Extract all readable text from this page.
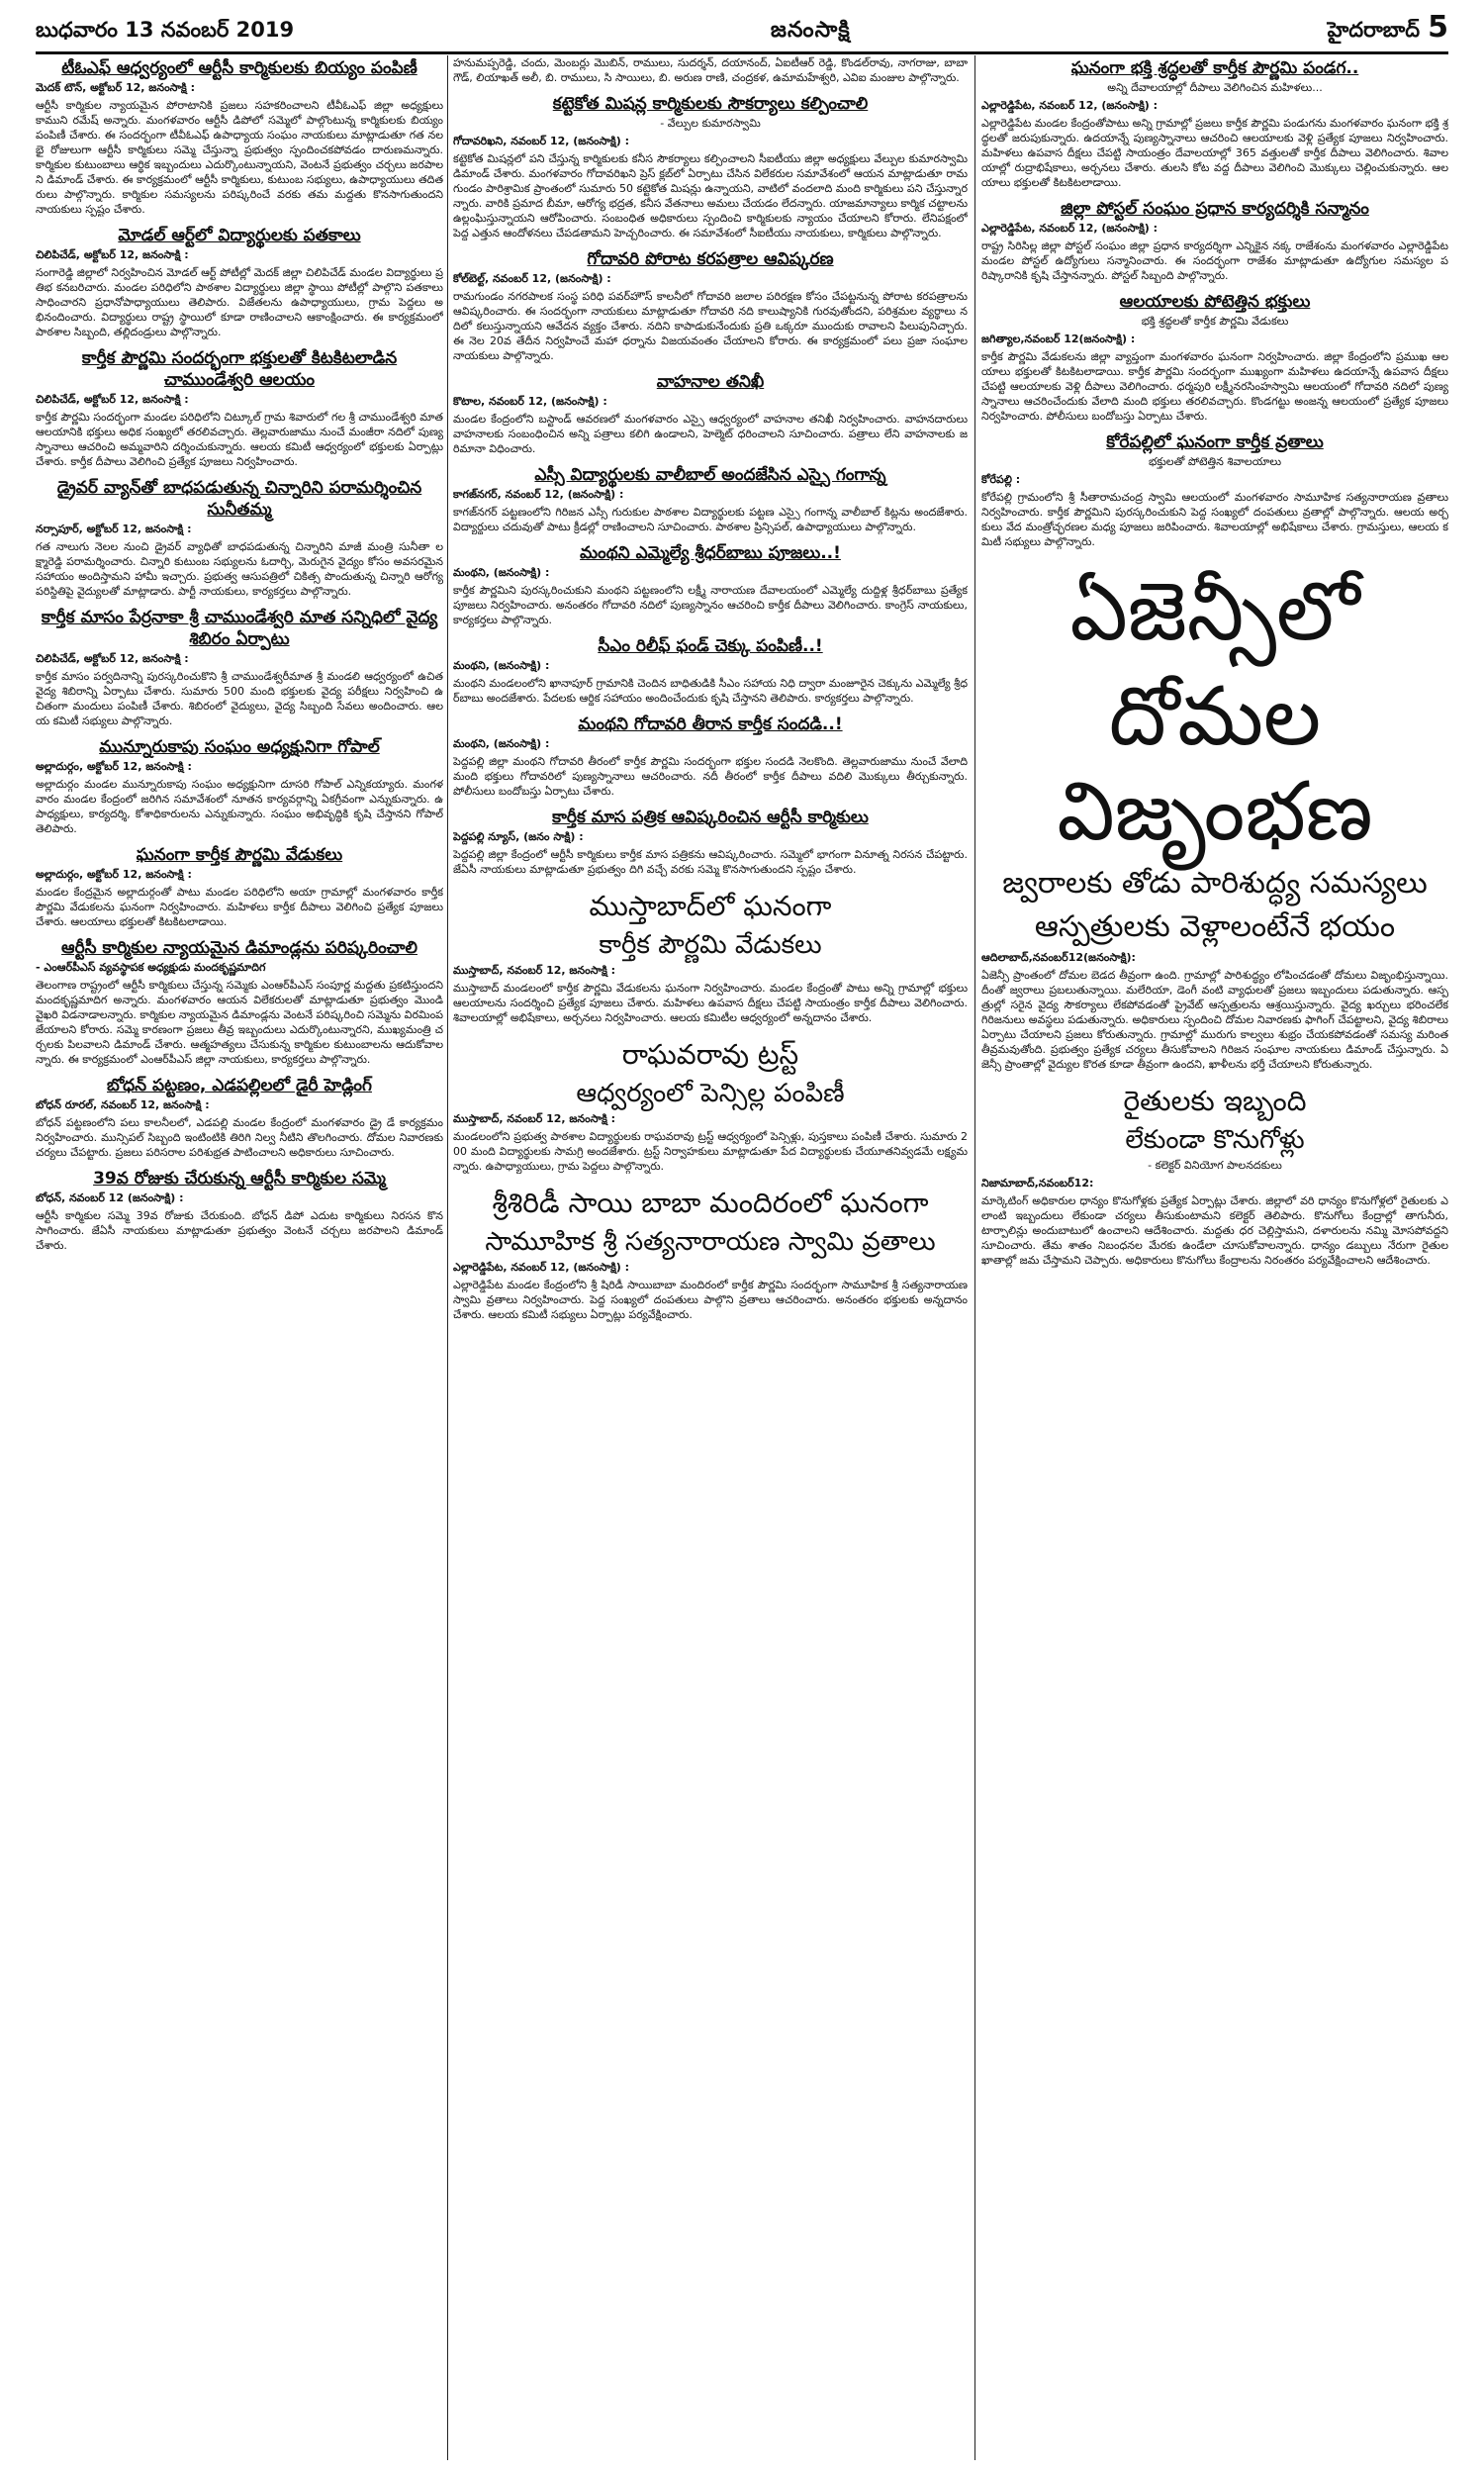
బుధవారం 13 నవంబర్ 2019	జనంసాక్షి	హైదరాబాద్ 5
టీఓఎఫ్ ఆధ్వర్యంలో ఆర్టీసీ కార్మికులకు బియ్యం పంపిణీ
మెదక్ టౌన్, అక్టోబర్ 12, జనంసాక్షి :

ఆర్టీసీ కార్మికుల న్యాయమైన పోరాటానికి ప్రజలు సహకరించాలని టీవీఓఎఫ్ జిల్లా అధ్యక్షులు కాముని రమేష్ అన్నారు. మంగళవారం ఆర్టీసీ డిపోలో సమ్మెలో పాల్గొంటున్న కార్మికులకు బియ్యం పంపిణీ చేశారు. ఈ సందర్భంగా టీవీఓఎఫ్ ఉపాధ్యాయ సంఘం నాయకులు మాట్లాడుతూ గత నలభై రోజులుగా ఆర్టీసీ కార్మికులు సమ్మె చేస్తున్నా ప్రభుత్వం స్పందించకపోవడం దారుణమన్నారు. కార్మికుల కుటుంబాలు ఆర్థిక ఇబ్బందులు ఎదుర్కొంటున్నాయని, వెంటనే ప్రభుత్వం చర్చలు జరపాలని డిమాండ్ చేశారు. ఈ కార్యక్రమంలో ఆర్టీసీ కార్మికులు, కుటుంబ సభ్యులు, ఉపాధ్యాయులు తదితరులు పాల్గొన్నారు. కార్మికుల సమస్యలను పరిష్కరించే వరకు తమ మద్దతు కొనసాగుతుందని నాయకులు స్పష్టం చేశారు.

మోడల్ ఆర్ట్‌లో విద్యార్థులకు పతకాలు
చిలిపిచేడ్, అక్టోబర్ 12, జనంసాక్షి :

సంగారెడ్డి జిల్లాలో నిర్వహించిన మోడల్ ఆర్ట్ పోటీల్లో మెదక్ జిల్లా చిలిపిచేడ్ మండల విద్యార్థులు ప్రతిభ కనబరిచారు. మండల పరిధిలోని పాఠశాల విద్యార్థులు జిల్లా స్థాయి పోటీల్లో పాల్గొని పతకాలు సాధించారని ప్రధానోపాధ్యాయులు తెలిపారు. విజేతలను ఉపాధ్యాయులు, గ్రామ పెద్దలు అభినందించారు. విద్యార్థులు రాష్ట్ర స్థాయిలో కూడా రాణించాలని ఆకాంక్షించారు. ఈ కార్యక్రమంలో పాఠశాల సిబ్బంది, తల్లిదండ్రులు పాల్గొన్నారు.

కార్తీక పౌర్ణమి సందర్భంగా భక్తులతో కిటకిటలాడిన చాముండేశ్వరి ఆలయం
చిలిపిచేడ్, అక్టోబర్ 12, జనంసాక్షి :

కార్తీక పౌర్ణమి సందర్భంగా మండల పరిధిలోని చిట్కూల్ గ్రామ శివారులో గల శ్రీ చాముండేశ్వరి మాత ఆలయానికి భక్తులు అధిక సంఖ్యలో తరలివచ్చారు. తెల్లవారుజాము నుంచే మంజీరా నదిలో పుణ్యస్నానాలు ఆచరించి అమ్మవారిని దర్శించుకున్నారు. ఆలయ కమిటీ ఆధ్వర్యంలో భక్తులకు ఏర్పాట్లు చేశారు. కార్తీక దీపాలు వెలిగించి ప్రత్యేక పూజలు నిర్వహించారు.

డ్రైవర్ వ్యాన్‌తో బాధపడుతున్న చిన్నారిని పరామర్శించిన సునీతమ్మ
నర్సాపూర్, అక్టోబర్ 12, జనంసాక్షి :

గత నాలుగు నెలల నుంచి డ్రైవర్ వ్యాధితో బాధపడుతున్న చిన్నారిని మాజీ మంత్రి సునీతా లక్ష్మారెడ్డి పరామర్శించారు. చిన్నారి కుటుంబ సభ్యులను ఓదార్చి, మెరుగైన వైద్యం కోసం అవసరమైన సహాయం అందిస్తామని హామీ ఇచ్చారు. ప్రభుత్వ ఆసుపత్రిలో చికిత్స పొందుతున్న చిన్నారి ఆరోగ్య పరిస్థితిపై వైద్యులతో మాట్లాడారు. పార్టీ నాయకులు, కార్యకర్తలు పాల్గొన్నారు.

కార్తీక మాసం పేర్రనాకా శ్రీ చాముండేశ్వరి మాత సన్నిధిలో వైద్య శిబిరం ఏర్పాటు
చిలిపిచేడ్, అక్టోబర్ 12, జనంసాక్షి :

కార్తీక మాసం పర్వదినాన్ని పురస్కరించుకొని శ్రీ చాముండేశ్వరీమాత శ్రీ మండలి ఆధ్వర్యంలో ఉచిత వైద్య శిబిరాన్ని ఏర్పాటు చేశారు. సుమారు 500 మంది భక్తులకు వైద్య పరీక్షలు నిర్వహించి ఉచితంగా మందులు పంపిణీ చేశారు. శిబిరంలో వైద్యులు, వైద్య సిబ్బంది సేవలు అందించారు. ఆలయ కమిటీ సభ్యులు పాల్గొన్నారు.

మున్నూరుకాపు సంఘం అధ్యక్షునిగా గోపాల్
అల్లాదుర్గం, అక్టోబర్ 12, జనంసాక్షి :

అల్లాదుర్గం మండల మున్నూరుకాపు సంఘం అధ్యక్షునిగా దూసరి గోపాల్ ఎన్నికయ్యారు. మంగళవారం మండల కేంద్రంలో జరిగిన సమావేశంలో నూతన కార్యవర్గాన్ని ఏకగ్రీవంగా ఎన్నుకున్నారు. ఉపాధ్యక్షులు, కార్యదర్శి, కోశాధికారులను ఎన్నుకున్నారు. సంఘం అభివృద్ధికి కృషి చేస్తానని గోపాల్ తెలిపారు.

ఘనంగా కార్తీక పౌర్ణమి వేడుకలు
అల్లాదుర్గం, అక్టోబర్ 12, జనంసాక్షి :

మండల కేంద్రమైన అల్లాదుర్గంతో పాటు మండల పరిధిలోని అయా గ్రామాల్లో మంగళవారం కార్తీక పౌర్ణమి వేడుకలను ఘనంగా నిర్వహించారు. మహిళలు కార్తీక దీపాలు వెలిగించి ప్రత్యేక పూజలు చేశారు. ఆలయాలు భక్తులతో కిటకిటలాడాయి.

ఆర్టీసీ కార్మికుల న్యాయమైన డిమాండ్లను పరిష్కరించాలి
- ఎంఆర్‌పీఎస్ వ్యవస్థాపక అధ్యక్షుడు మందకృష్ణమాదిగ

తెలంగాణ రాష్ట్రంలో ఆర్టీసీ కార్మికులు చేస్తున్న సమ్మెకు ఎంఆర్‌పీఎస్ సంపూర్ణ మద్దతు ప్రకటిస్తుందని మందకృష్ణమాదిగ అన్నారు. మంగళవారం ఆయన విలేకరులతో మాట్లాడుతూ ప్రభుత్వం మొండి వైఖరి విడనాడాలన్నారు. కార్మికుల న్యాయమైన డిమాండ్లను వెంటనే పరిష్కరించి సమ్మెను విరమింపజేయాలని కోరారు. సమ్మె కారణంగా ప్రజలు తీవ్ర ఇబ్బందులు ఎదుర్కొంటున్నారని, ముఖ్యమంత్రి చర్చలకు పిలవాలని డిమాండ్ చేశారు. ఆత్మహత్యలు చేసుకున్న కార్మికుల కుటుంబాలను ఆదుకోవాలన్నారు. ఈ కార్యక్రమంలో ఎంఆర్‌పీఎస్ జిల్లా నాయకులు, కార్యకర్తలు పాల్గొన్నారు.

బోధన్ పట్టణం, ఎడపల్లిలలో డైరీ హెడ్లింగ్
బోధన్ రూరల్, నవంబర్ 12, జనంసాక్షి :

బోధన్ పట్టణంలోని పలు కాలనీలలో, ఎడపల్లి మండల కేంద్రంలో మంగళవారం డ్రై డే కార్యక్రమం నిర్వహించారు. మున్సిపల్ సిబ్బంది ఇంటింటికి తిరిగి నిల్వ నీటిని తొలగించారు. దోమల నివారణకు చర్యలు చేపట్టారు. ప్రజలు పరిసరాల పరిశుభ్రత పాటించాలని అధికారులు సూచించారు.

39వ రోజుకు చేరుకున్న ఆర్టీసీ కార్మికుల సమ్మె
బోధన్, నవంబర్ 12 (జనంసాక్షి) :

ఆర్టీసీ కార్మికుల సమ్మె 39వ రోజుకు చేరుకుంది. బోధన్ డిపో ఎదుట కార్మికులు నిరసన కొనసాగించారు. జేఏసీ నాయకులు మాట్లాడుతూ ప్రభుత్వం వెంటనే చర్చలు జరపాలని డిమాండ్ చేశారు.

హనుమప్పరెడ్డి, చందు, మెంబర్లు మొబిన్, రాములు, సుదర్శన్, దయానంద్, ఏఐటీఆర్ రెడ్డి, కొండల్‌రావు, నాగరాజు, బాబా గౌడ్, లియాఖత్ అలీ, బి. రాములు, సి సాయిలు, బి. అరుణ రాణి, చంద్రకళ, ఉమామహేశ్వరి, ఎవిఐ మంజుల పాల్గొన్నారు.

కట్టెకోత మిషన్ల కార్మికులకు సౌకర్యాలు కల్పించాలి
- వేల్పుల కుమారస్వామి
గోదావరిఖని, నవంబర్ 12, (జనంసాక్షి) :

కట్టెకోత మిషన్లలో పని చేస్తున్న కార్మికులకు కనీస సౌకర్యాలు కల్పించాలని సీఐటీయు జిల్లా అధ్యక్షులు వేల్పుల కుమారస్వామి డిమాండ్ చేశారు. మంగళవారం గోదావరిఖని ప్రెస్ క్లబ్‌లో ఏర్పాటు చేసిన విలేకరుల సమావేశంలో ఆయన మాట్లాడుతూ రామగుండం పారిశ్రామిక ప్రాంతంలో సుమారు 50 కట్టెకోత మిషన్లు ఉన్నాయని, వాటిలో వందలాది మంది కార్మికులు పని చేస్తున్నారన్నారు. వారికి ప్రమాద బీమా, ఆరోగ్య భద్రత, కనీస వేతనాలు అమలు చేయడం లేదన్నారు. యాజమాన్యాలు కార్మిక చట్టాలను ఉల్లంఘిస్తున్నాయని ఆరోపించారు. సంబంధిత అధికారులు స్పందించి కార్మికులకు న్యాయం చేయాలని కోరారు. లేనిపక్షంలో పెద్ద ఎత్తున ఆందోళనలు చేపడతామని హెచ్చరించారు. ఈ సమావేశంలో సీఐటీయు నాయకులు, కార్మికులు పాల్గొన్నారు.

గోదావరి పోరాట కరపత్రాల ఆవిష్కరణ
కోల్‌బెల్ట్, నవంబర్ 12, (జనంసాక్షి) :

రామగుండం నగరపాలక సంస్థ పరిధి పవర్‌హౌస్ కాలనీలో గోదావరి జలాల పరిరక్షణ కోసం చేపట్టనున్న పోరాట కరపత్రాలను ఆవిష్కరించారు. ఈ సందర్భంగా నాయకులు మాట్లాడుతూ గోదావరి నది కాలుష్యానికి గురవుతోందని, పరిశ్రమల వ్యర్థాలు నదిలో కలుస్తున్నాయని ఆవేదన వ్యక్తం చేశారు. నదిని కాపాడుకునేందుకు ప్రతి ఒక్కరూ ముందుకు రావాలని పిలుపునిచ్చారు. ఈ నెల 20వ తేదీన నిర్వహించే మహా ధర్నాను విజయవంతం చేయాలని కోరారు. ఈ కార్యక్రమంలో పలు ప్రజా సంఘాల నాయకులు పాల్గొన్నారు.

వాహనాల తనిఖీ
కొటాల, నవంబర్ 12, (జనంసాక్షి) :

మండల కేంద్రంలోని బస్టాండ్ ఆవరణలో మంగళవారం ఎస్సై ఆధ్వర్యంలో వాహనాల తనిఖీ నిర్వహించారు. వాహనదారులు వాహనాలకు సంబంధించిన అన్ని పత్రాలు కలిగి ఉండాలని, హెల్మెట్ ధరించాలని సూచించారు. పత్రాలు లేని వాహనాలకు జరిమానా విధించారు.

ఎస్సీ విద్యార్థులకు వాలీబాల్ అందజేసిన ఎస్సై గంగాన్న
కాగజ్‌నగర్, నవంబర్ 12, (జనంసాక్షి) :

కాగజ్‌నగర్ పట్టణంలోని గిరిజన ఎస్సీ గురుకుల పాఠశాల విద్యార్థులకు పట్టణ ఎస్సై గంగాన్న వాలీబాల్ కిట్లను అందజేశారు. విద్యార్థులు చదువుతో పాటు క్రీడల్లో రాణించాలని సూచించారు. పాఠశాల ప్రిన్సిపల్, ఉపాధ్యాయులు పాల్గొన్నారు.

మంథని ఎమ్మెల్యే శ్రీధర్‌బాబు పూజలు..!
మంథని, (జనంసాక్షి) :

కార్తీక పౌర్ణమిని పురస్కరించుకుని మంథని పట్టణంలోని లక్ష్మీ నారాయణ దేవాలయంలో ఎమ్మెల్యే దుద్దిళ్ల శ్రీధర్‌బాబు ప్రత్యేక పూజలు నిర్వహించారు. అనంతరం గోదావరి నదిలో పుణ్యస్నానం ఆచరించి కార్తీక దీపాలు వెలిగించారు. కాంగ్రెస్ నాయకులు, కార్యకర్తలు పాల్గొన్నారు.

సీఎం రిలీఫ్ ఫండ్ చెక్కు పంపిణీ..!
మంథని, (జనంసాక్షి) :

మంథని మండలంలోని ఖానాపూర్ గ్రామానికి చెందిన బాధితుడికి సీఎం సహాయ నిధి ద్వారా మంజూరైన చెక్కును ఎమ్మెల్యే శ్రీధర్‌బాబు అందజేశారు. పేదలకు ఆర్థిక సహాయం అందించేందుకు కృషి చేస్తానని తెలిపారు. కార్యకర్తలు పాల్గొన్నారు.

మంథని గోదావరి తీరాన కార్తీక సందడి..!
మంథని, (జనంసాక్షి) :

పెద్దపల్లి జిల్లా మంథని గోదావరి తీరంలో కార్తీక పౌర్ణమి సందర్భంగా భక్తుల సందడి నెలకొంది. తెల్లవారుజాము నుంచే వేలాది మంది భక్తులు గోదావరిలో పుణ్యస్నానాలు ఆచరించారు. నదీ తీరంలో కార్తీక దీపాలు వదిలి మొక్కులు తీర్చుకున్నారు. పోలీసులు బందోబస్తు ఏర్పాటు చేశారు.

కార్తీక మాస పత్రిక ఆవిష్కరించిన ఆర్టీసీ కార్మికులు
పెద్దపల్లి న్యూస్, (జనం సాక్షి) :

పెద్దపల్లి జిల్లా కేంద్రంలో ఆర్టీసీ కార్మికులు కార్తీక మాస పత్రికను ఆవిష్కరించారు. సమ్మెలో భాగంగా వినూత్న నిరసన చేపట్టారు. జేఏసీ నాయకులు మాట్లాడుతూ ప్రభుత్వం దిగి వచ్చే వరకు సమ్మె కొనసాగుతుందని స్పష్టం చేశారు.

ముస్తాబాద్‌లో ఘనంగా
కార్తీక పౌర్ణమి వేడుకలు
ముస్తాబాద్, నవంబర్ 12, జనంసాక్షి :

ముస్తాబాద్ మండలంలో కార్తీక పౌర్ణమి వేడుకలను ఘనంగా నిర్వహించారు. మండల కేంద్రంతో పాటు అన్ని గ్రామాల్లో భక్తులు ఆలయాలను సందర్శించి ప్రత్యేక పూజలు చేశారు. మహిళలు ఉపవాస దీక్షలు చేపట్టి సాయంత్రం కార్తీక దీపాలు వెలిగించారు. శివాలయాల్లో అభిషేకాలు, అర్చనలు నిర్వహించారు. ఆలయ కమిటీల ఆధ్వర్యంలో అన్నదానం చేశారు.

రాఘవరావు ట్రస్ట్
ఆధ్వర్యంలో పెన్సిల్ల పంపిణీ
ముస్తాబాద్, నవంబర్ 12, జనంసాక్షి :

మండలంలోని ప్రభుత్వ పాఠశాల విద్యార్థులకు రాఘవరావు ట్రస్ట్ ఆధ్వర్యంలో పెన్సిళ్లు, పుస్తకాలు పంపిణీ చేశారు. సుమారు 200 మంది విద్యార్థులకు సామగ్రి అందజేశారు. ట్రస్ట్ నిర్వాహకులు మాట్లాడుతూ పేద విద్యార్థులకు చేయూతనివ్వడమే లక్ష్యమన్నారు. ఉపాధ్యాయులు, గ్రామ పెద్దలు పాల్గొన్నారు.

శ్రీశిరిడీ సాయి బాబా మందిరంలో ఘనంగా
సామూహిక శ్రీ సత్యనారాయణ స్వామి వ్రతాలు
ఎల్లారెడ్డిపేట, నవంబర్ 12, (జనంసాక్షి) :

ఎల్లారెడ్డిపేట మండల కేంద్రంలోని శ్రీ షిరిడీ సాయిబాబా మందిరంలో కార్తీక పౌర్ణమి సందర్భంగా సామూహిక శ్రీ సత్యనారాయణ స్వామి వ్రతాలు నిర్వహించారు. పెద్ద సంఖ్యలో దంపతులు పాల్గొని వ్రతాలు ఆచరించారు. అనంతరం భక్తులకు అన్నదానం చేశారు. ఆలయ కమిటీ సభ్యులు ఏర్పాట్లు పర్యవేక్షించారు.

ఘనంగా భక్తి శ్రద్ధలతో కార్తీక పౌర్ణమి పండగ..
అన్ని దేవాలయాల్లో దీపాలు వెలిగించిన మహిళలు...
ఎల్లారెడ్డిపేట, నవంబర్ 12, (జనంసాక్షి) :

ఎల్లారెడ్డిపేట మండల కేంద్రంతోపాటు అన్ని గ్రామాల్లో ప్రజలు కార్తీక పౌర్ణమి పండుగను మంగళవారం ఘనంగా భక్తి శ్రద్ధలతో జరుపుకున్నారు. ఉదయాన్నే పుణ్యస్నానాలు ఆచరించి ఆలయాలకు వెళ్లి ప్రత్యేక పూజలు నిర్వహించారు. మహిళలు ఉపవాస దీక్షలు చేపట్టి సాయంత్రం దేవాలయాల్లో 365 వత్తులతో కార్తీక దీపాలు వెలిగించారు. శివాలయాల్లో రుద్రాభిషేకాలు, అర్చనలు చేశారు. తులసి కోట వద్ద దీపాలు వెలిగించి మొక్కులు చెల్లించుకున్నారు. ఆలయాలు భక్తులతో కిటకిటలాడాయి.

జిల్లా పోస్టల్ సంఘం ప్రధాన కార్యదర్శికి సన్మానం
ఎల్లారెడ్డిపేట, నవంబర్ 12, (జనంసాక్షి) :

రాష్ట్ర సిరిసిల్ల జిల్లా పోస్టల్ సంఘం జిల్లా ప్రధాన కార్యదర్శిగా ఎన్నికైన నక్క రాజేశంను మంగళవారం ఎల్లారెడ్డిపేట మండల పోస్టల్ ఉద్యోగులు సన్మానించారు. ఈ సందర్భంగా రాజేశం మాట్లాడుతూ ఉద్యోగుల సమస్యల పరిష్కారానికి కృషి చేస్తానన్నారు. పోస్టల్ సిబ్బంది పాల్గొన్నారు.

ఆలయాలకు పోటెత్తిన భక్తులు
భక్తి శ్రద్ధలతో కార్తీక పౌర్ణమి వేడుకలు
జగిత్యాల,నవంబర్ 12(జనంసాక్షి) :

కార్తీక పౌర్ణమి వేడుకలను జిల్లా వ్యాప్తంగా మంగళవారం ఘనంగా నిర్వహించారు. జిల్లా కేంద్రంలోని ప్రముఖ ఆలయాలు భక్తులతో కిటకిటలాడాయి. కార్తీక పౌర్ణమి సందర్భంగా ముఖ్యంగా మహిళలు ఉదయాన్నే ఉపవాస దీక్షలు చేపట్టి ఆలయాలకు వెళ్లి దీపాలు వెలిగించారు. ధర్మపురి లక్ష్మీనరసింహస్వామి ఆలయంలో గోదావరి నదిలో పుణ్యస్నానాలు ఆచరించేందుకు వేలాది మంది భక్తులు తరలివచ్చారు. కొండగట్టు అంజన్న ఆలయంలో ప్రత్యేక పూజలు నిర్వహించారు. పోలీసులు బందోబస్తు ఏర్పాటు చేశారు.

కోరేపల్లిలో ఘనంగా కార్తీక వ్రతాలు
భక్తులతో పోటెత్తిన శివాలయాలు
కోరేపల్లి :

కోరేపల్లి గ్రామంలోని శ్రీ సీతారామచంద్ర స్వామి ఆలయంలో మంగళవారం సామూహిక సత్యనారాయణ వ్రతాలు నిర్వహించారు. కార్తీక పౌర్ణమిని పురస్కరించుకుని పెద్ద సంఖ్యలో దంపతులు వ్రతాల్లో పాల్గొన్నారు. ఆలయ అర్చకులు వేద మంత్రోచ్ఛరణల మధ్య పూజలు జరిపించారు. శివాలయాల్లో అభిషేకాలు చేశారు. గ్రామస్తులు, ఆలయ కమిటీ సభ్యులు పాల్గొన్నారు.

ఏజెన్సీలో
దోమల విజృంభణ
జ్వరాలకు తోడు పారిశుద్ధ్య సమస్యలు
ఆస్పత్రులకు వెళ్లాలంటేనే భయం
ఆదిలాబాద్,నవంబర్12(జనంసాక్షి):

ఏజెన్సీ ప్రాంతంలో దోమల బెడద తీవ్రంగా ఉంది. గ్రామాల్లో పారిశుద్ధ్యం లోపించడంతో దోమలు విజృంభిస్తున్నాయి. దీంతో జ్వరాలు ప్రబలుతున్నాయి. మలేరియా, డెంగీ వంటి వ్యాధులతో ప్రజలు ఇబ్బందులు పడుతున్నారు. ఆస్పత్రుల్లో సరైన వైద్య సౌకర్యాలు లేకపోవడంతో ప్రైవేట్ ఆస్పత్రులను ఆశ్రయిస్తున్నారు. వైద్య ఖర్చులు భరించలేక గిరిజనులు అవస్థలు పడుతున్నారు. అధికారులు స్పందించి దోమల నివారణకు ఫాగింగ్ చేపట్టాలని, వైద్య శిబిరాలు ఏర్పాటు చేయాలని ప్రజలు కోరుతున్నారు. గ్రామాల్లో మురుగు కాల్వలు శుభ్రం చేయకపోవడంతో సమస్య మరింత తీవ్రమవుతోంది. ప్రభుత్వం ప్రత్యేక చర్యలు తీసుకోవాలని గిరిజన సంఘాల నాయకులు డిమాండ్ చేస్తున్నారు. ఏజెన్సీ ప్రాంతాల్లో వైద్యుల కొరత కూడా తీవ్రంగా ఉందని, ఖాళీలను భర్తీ చేయాలని కోరుతున్నారు.

రైతులకు ఇబ్బంది
లేకుండా కొనుగోళ్లు
- కలెక్టర్ వినియోగ పాలనదకులు
నిజామాబాద్,నవంబర్12:

మార్కెటింగ్ అధికారుల ధాన్యం కొనుగోళ్లకు ప్రత్యేక ఏర్పాట్లు చేశారు. జిల్లాలో వరి ధాన్యం కొనుగోళ్లలో రైతులకు ఎలాంటి ఇబ్బందులు లేకుండా చర్యలు తీసుకుంటామని కలెక్టర్ తెలిపారు. కొనుగోలు కేంద్రాల్లో తాగునీరు, టార్పాలిన్లు అందుబాటులో ఉంచాలని ఆదేశించారు. మద్దతు ధర చెల్లిస్తామని, దళారులను నమ్మి మోసపోవద్దని సూచించారు. తేమ శాతం నిబంధనల మేరకు ఉండేలా చూసుకోవాలన్నారు. ధాన్యం డబ్బులు నేరుగా రైతుల ఖాతాల్లో జమ చేస్తామని చెప్పారు. అధికారులు కొనుగోలు కేంద్రాలను నిరంతరం పర్యవేక్షించాలని ఆదేశించారు.
